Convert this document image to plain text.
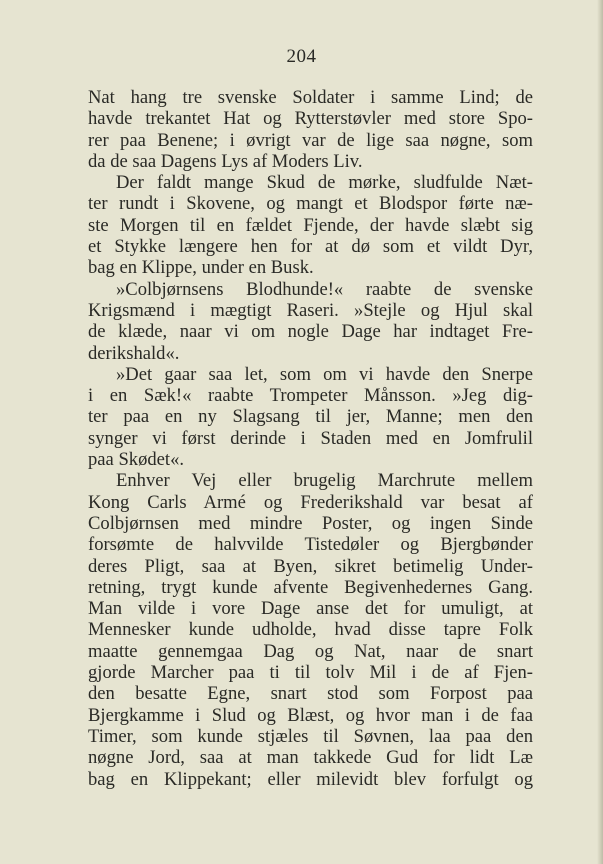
204
Nat hang tre svenske Soldater i samme Lind; de
havde trekantet Hat og Rytterstøvler med store Spo-
rer paa Benene; i øvrigt var de lige saa nøgne, som
da de saa Dagens Lys af Moders Liv.
Der faldt mange Skud de mørke, sludfulde Næt-
ter rundt i Skovene, og mangt et Blodspor førte næ-
ste Morgen til en fældet Fjende, der havde slæbt sig
et Stykke længere hen for at dø som et vildt Dyr,
bag en Klippe, under en Busk.
»Colbjørnsens Blodhunde!« raabte de svenske
Krigsmænd i mægtigt Raseri. »Stejle og Hjul skal
de klæde, naar vi om nogle Dage har indtaget Fre-
derikshald«.
»Det gaar saa let, som om vi havde den Snerpe
i en Sæk!« raabte Trompeter Månsson. »Jeg dig-
ter paa en ny Slagsang til jer, Manne; men den
synger vi først derinde i Staden med en Jomfrulil
paa Skødet«.
Enhver Vej eller brugelig Marchrute mellem
Kong Carls Armé og Frederikshald var besat af
Colbjørnsen med mindre Poster, og ingen Sinde
forsømte de halvvilde Tistedøler og Bjergbønder
deres Pligt, saa at Byen, sikret betimelig Under-
retning, trygt kunde afvente Begivenhedernes Gang.
Man vilde i vore Dage anse det for umuligt, at
Mennesker kunde udholde, hvad disse tapre Folk
maatte gennemgaa Dag og Nat, naar de snart
gjorde Marcher paa ti til tolv Mil i de af Fjen-
den besatte Egne, snart stod som Forpost paa
Bjergkamme i Slud og Blæst, og hvor man i de faa
Timer, som kunde stjæles til Søvnen, laa paa den
nøgne Jord, saa at man takkede Gud for lidt Læ
bag en Klippekant; eller milevidt blev forfulgt og
